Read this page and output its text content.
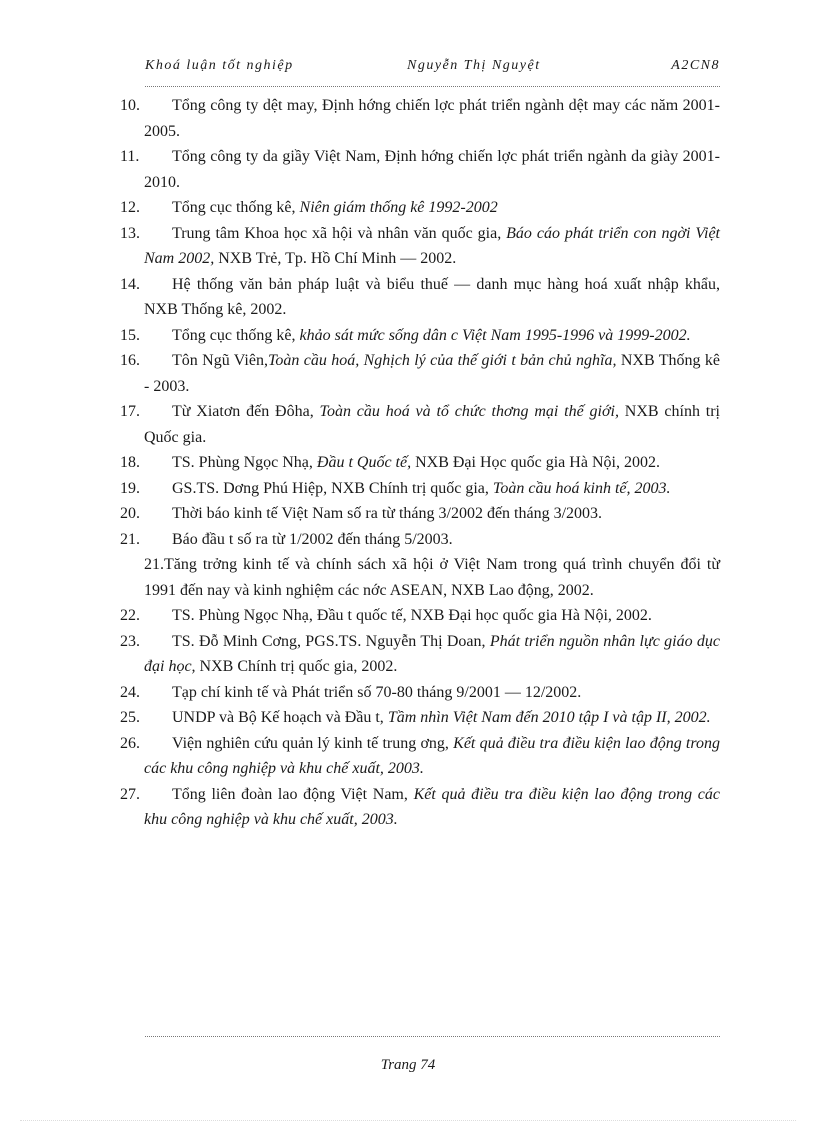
Khoá luận tốt nghiệp	Nguyễn Thị Nguyệt	A2CN8
10.	Tổng công ty dệt may, Định hớng chiến lợc phát triển ngành dệt may các năm 2001-2005.
11.	Tổng công ty da giầy Việt Nam, Định hớng chiến lợc phát triển ngành da giày 2001-2010.
12.	Tổng cục thống kê, Niên giám thống kê 1992-2002
13.	Trung tâm Khoa học xã hội và nhân văn quốc gia, Báo cáo phát triển con ngời Việt Nam 2002, NXB Trẻ, Tp. Hồ Chí Minh — 2002.
14.	Hệ thống văn bản pháp luật và biểu thuế — danh mục hàng hoá xuất nhập khẩu, NXB Thống kê, 2002.
15.	Tổng cục thống kê, khảo sát mức sống dân c Việt Nam 1995-1996 và 1999-2002.
16.	Tôn Ngũ Viên,Toàn cầu hoá, Nghịch lý của thế giới t bản chủ nghĩa, NXB Thống kê - 2003.
17.	Từ Xiatơn đến Đôha, Toàn cầu hoá và tổ chức thơng mại thế giới, NXB chính trị Quốc gia.
18.	TS. Phùng Ngọc Nhạ, Đầu t Quốc tế, NXB Đại Học quốc gia Hà Nội, 2002.
19.	GS.TS. Dơng Phú Hiệp, NXB Chính trị quốc gia, Toàn cầu hoá kinh tế, 2003.
20.	Thời báo kinh tế Việt Nam số ra từ tháng 3/2002 đến tháng 3/2003.
21.	Báo đầu t số ra từ 1/2002 đến tháng 5/2003.
21.Tăng trởng kinh tế và chính sách xã hội ở Việt Nam trong quá trình chuyển đổi từ 1991 đến nay và kinh nghiệm các nớc ASEAN, NXB Lao động, 2002.
22.	TS. Phùng Ngọc Nhạ, Đầu t quốc tế, NXB Đại học quốc gia Hà Nội, 2002.
23.	TS. Đỗ Minh Cơng, PGS.TS. Nguyễn Thị Doan, Phát triển nguồn nhân lực giáo dục đại học, NXB Chính trị quốc gia, 2002.
24.	Tạp chí kinh tế và Phát triển số 70-80 tháng 9/2001 — 12/2002.
25.	UNDP và Bộ Kế hoạch và Đầu t, Tầm nhìn Việt Nam đến 2010 tập I và tập II, 2002.
26.	Viện nghiên cứu quản lý kinh tế trung ơng, Kết quả điều tra điều kiện lao động trong các khu công nghiệp và khu chế xuất, 2003.
27.	Tổng liên đoàn lao động Việt Nam, Kết quả điều tra điều kiện lao động trong các khu công nghiệp và khu chế xuất, 2003.
Trang 74
